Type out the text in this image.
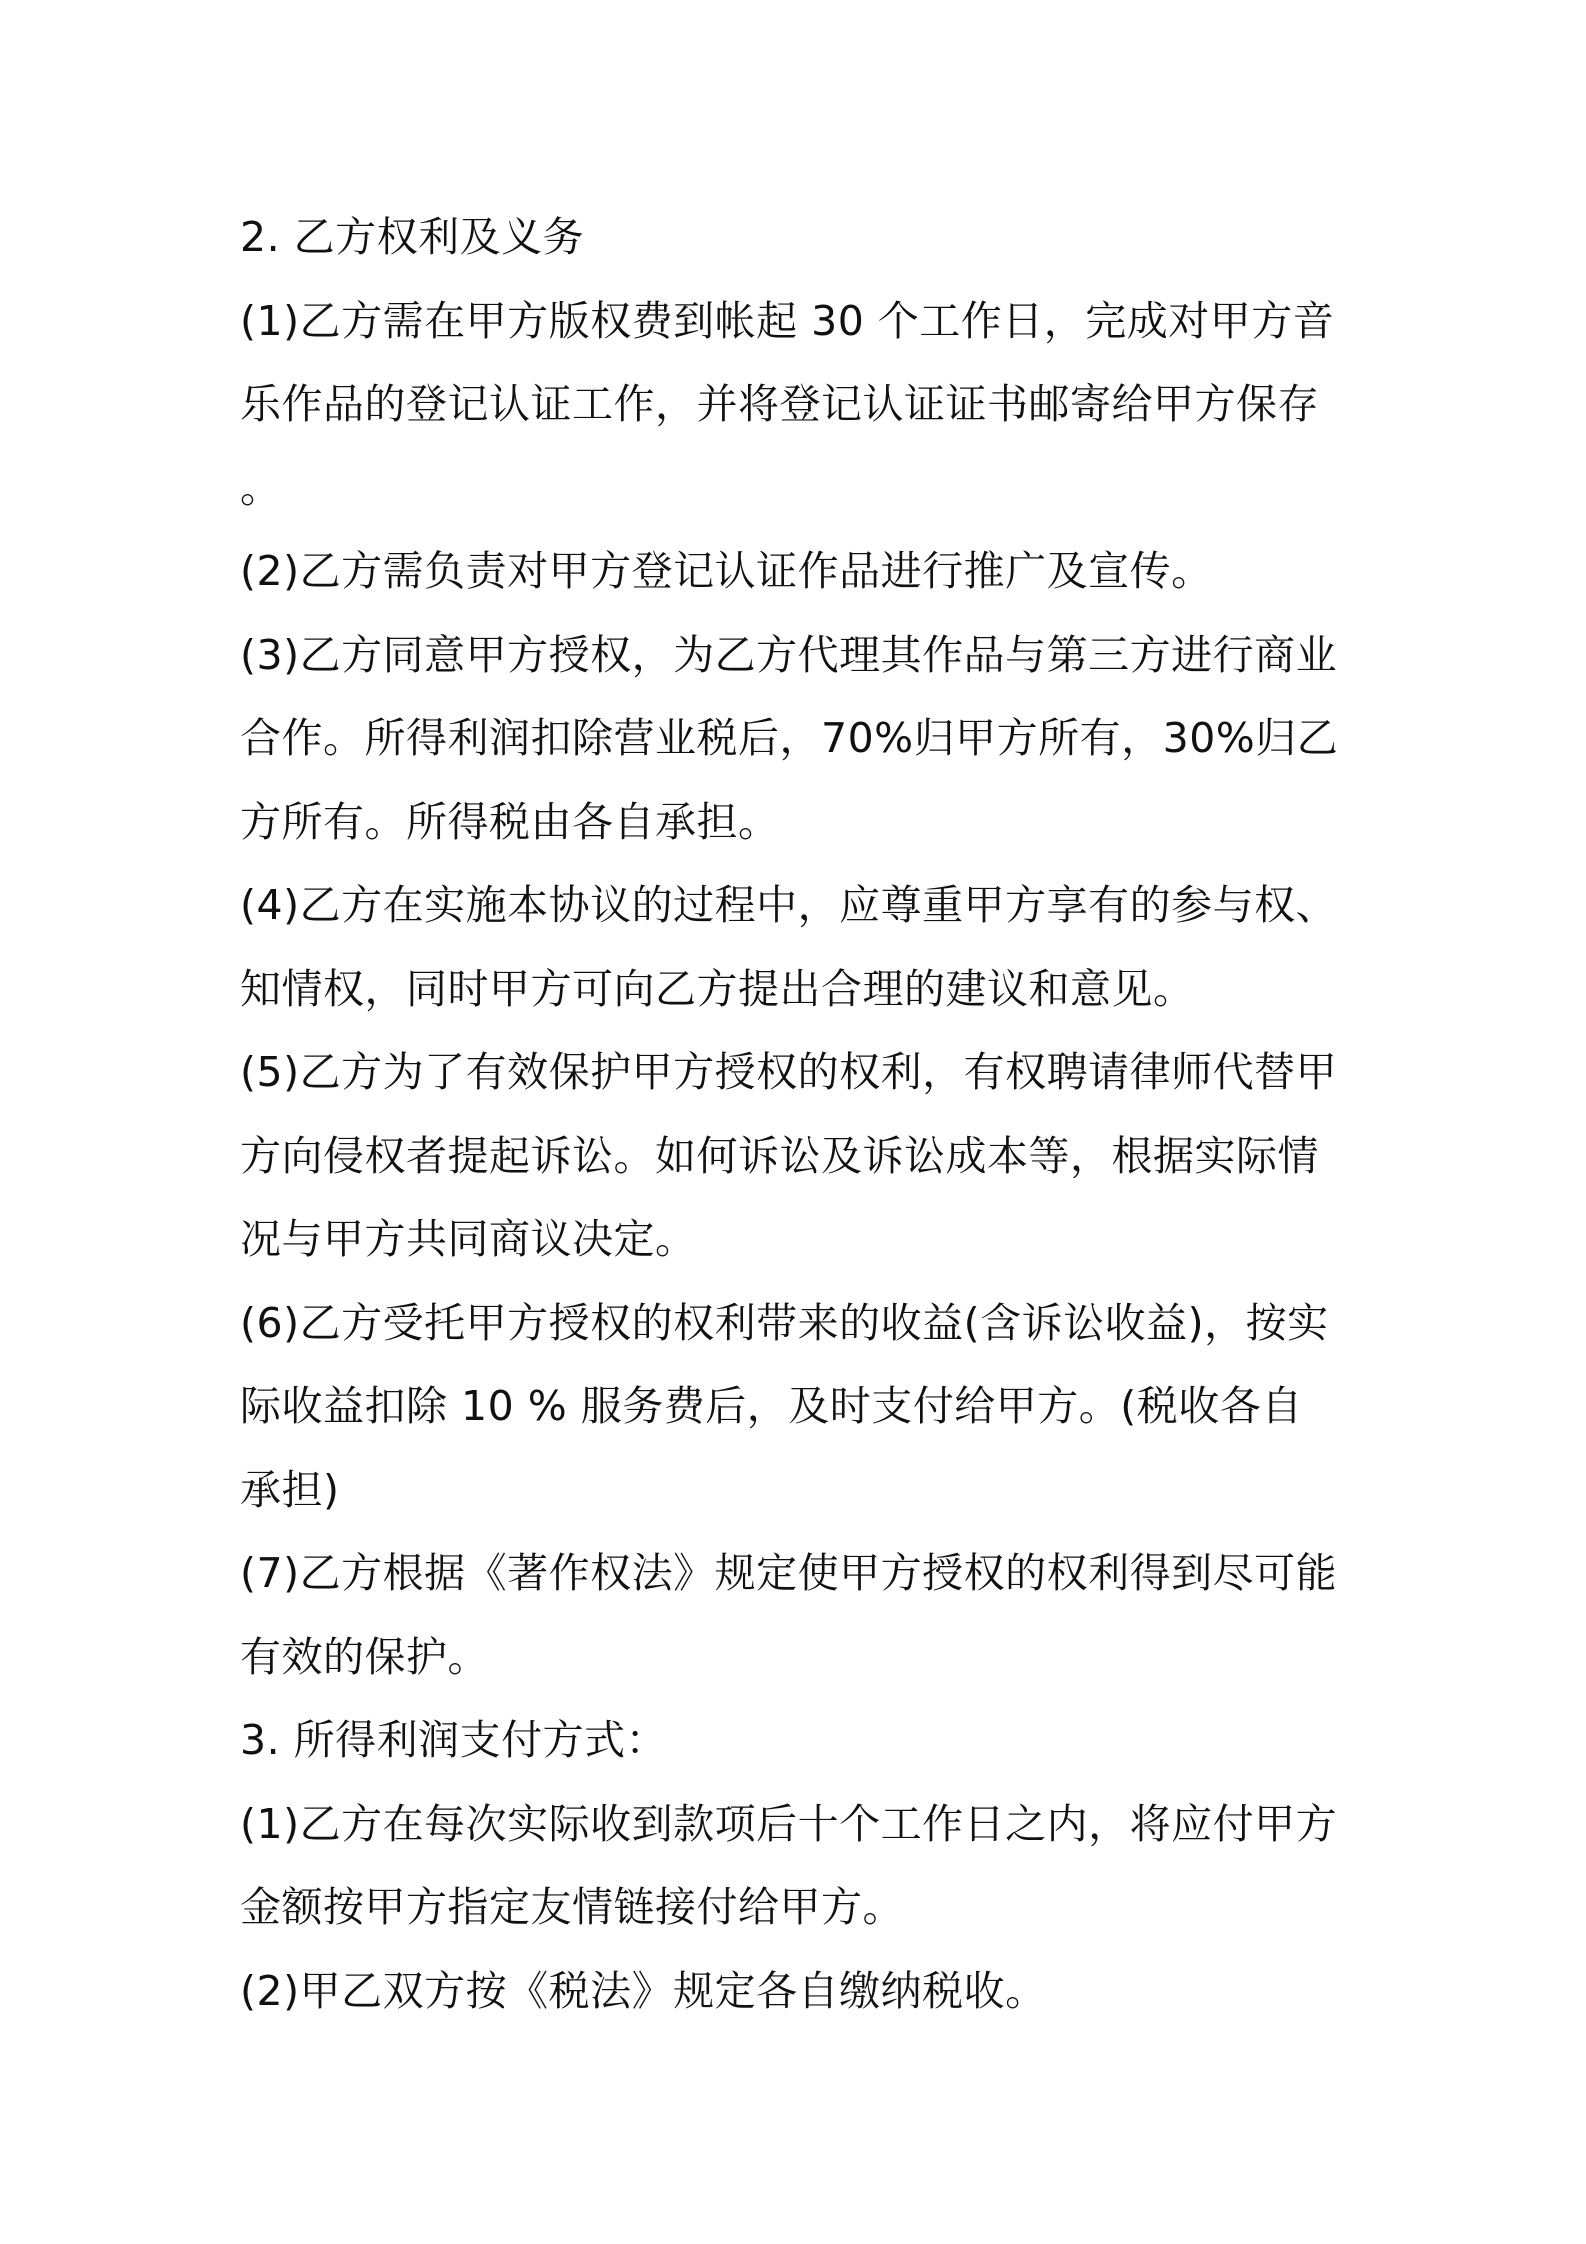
2. 乙方权利及义务
(1)乙方需在甲方版权费到帐起 30 个工作日，完成对甲方音
乐作品的登记认证工作，并将登记认证证书邮寄给甲方保存
。
(2)乙方需负责对甲方登记认证作品进行推广及宣传。
(3)乙方同意甲方授权，为乙方代理其作品与第三方进行商业
合作。所得利润扣除营业税后，70%归甲方所有，30%归乙
方所有。所得税由各自承担。
(4)乙方在实施本协议的过程中，应尊重甲方享有的参与权、
知情权，同时甲方可向乙方提出合理的建议和意见。
(5)乙方为了有效保护甲方授权的权利，有权聘请律师代替甲
方向侵权者提起诉讼。如何诉讼及诉讼成本等，根据实际情
况与甲方共同商议决定。
(6)乙方受托甲方授权的权利带来的收益(含诉讼收益)，按实
际收益扣除 10 % 服务费后，及时支付给甲方。(税收各自
承担)
(7)乙方根据《著作权法》规定使甲方授权的权利得到尽可能
有效的保护。
3. 所得利润支付方式：
(1)乙方在每次实际收到款项后十个工作日之内，将应付甲方
金额按甲方指定友情链接付给甲方。
(2)甲乙双方按《税法》规定各自缴纳税收。
